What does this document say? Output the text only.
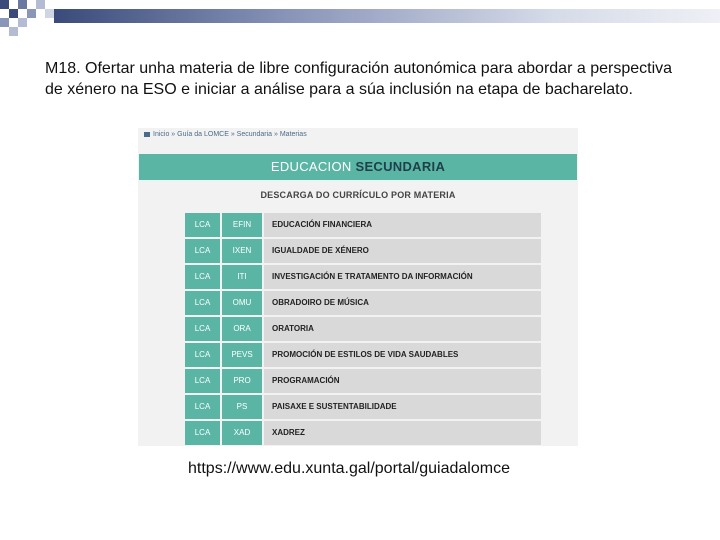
M18. Ofertar unha materia de libre configuración autonómica para abordar a perspectiva de xénero na ESO e iniciar a análise para a súa inclusión na etapa de bacharelato.
Inicio » Guía da LOMCE » Secundaria » Materias
EDUCACION SECUNDARIA
DESCARGA DO CURRÍCULO POR MATERIA
LCA	EFIN	EDUCACIÓN FINANCIERA
LCA	IXEN	IGUALDADE DE XÉNERO
LCA	ITI	INVESTIGACIÓN E TRATAMENTO DA INFORMACIÓN
LCA	OMU	OBRADOIRO DE MÚSICA
LCA	ORA	ORATORIA
LCA	PEVS	PROMOCIÓN DE ESTILOS DE VIDA SAUDABLES
LCA	PRO	PROGRAMACIÓN
LCA	PS	PAISAXE E SUSTENTABILIDADE
LCA	XAD	XADREZ
https://www.edu.xunta.gal/portal/guiadalomce
